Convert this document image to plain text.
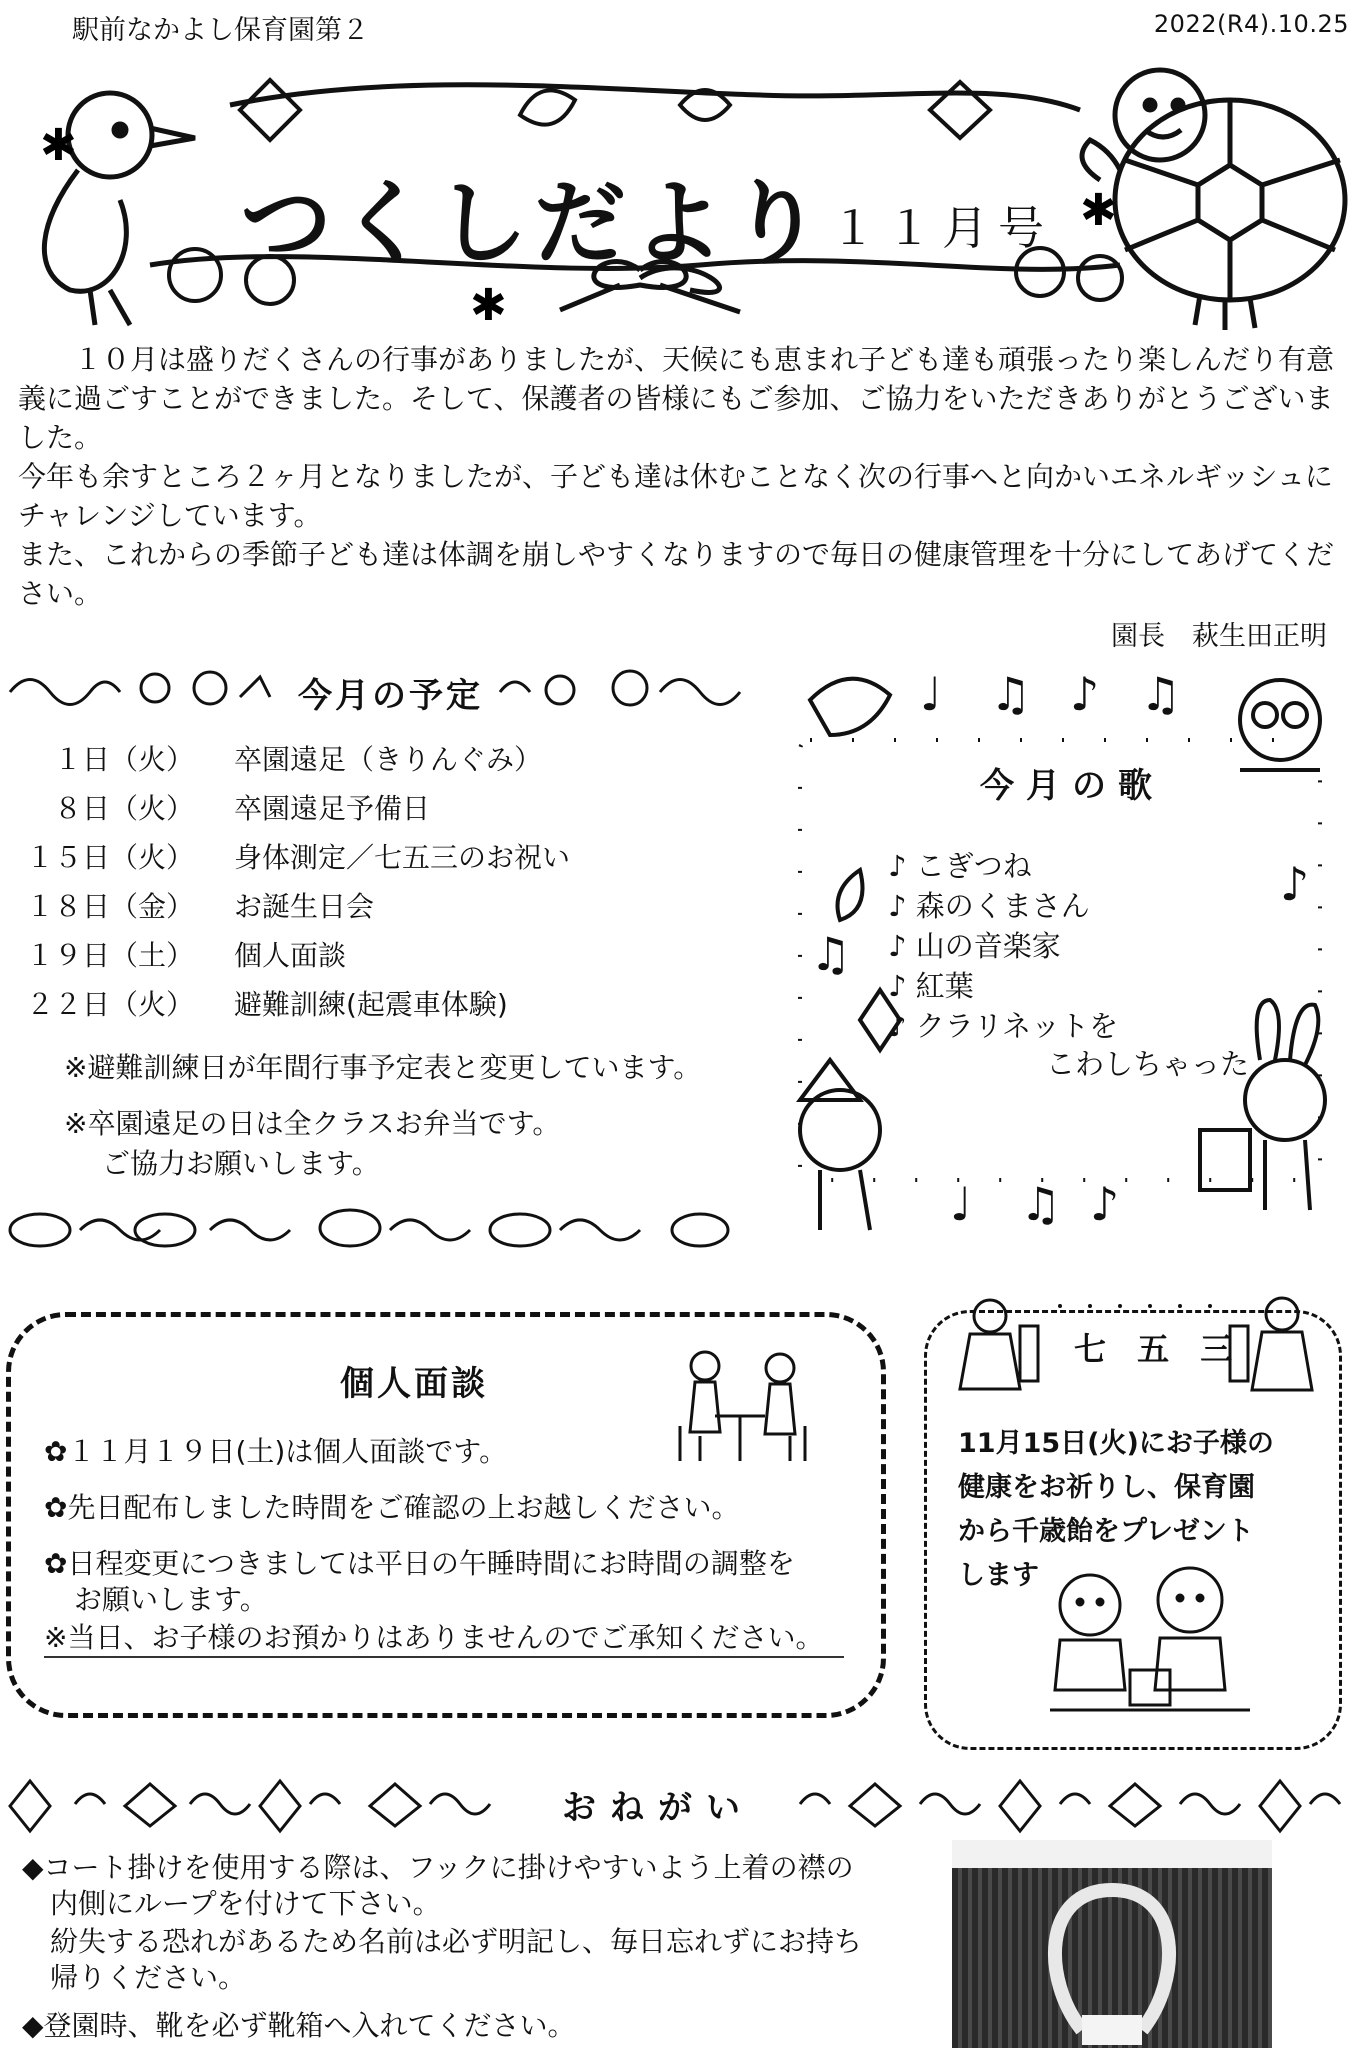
駅前なかよし保育園第２	2022(R4).10.25
✱
✱
✱
つくしだより １１月号

１０月は盛りだくさんの行事がありましたが、天候にも恵まれ子ども達も頑張ったり楽しんだり有意義に過ごすことができました。そして、保護者の皆様にもご参加、ご協力をいただきありがとうございました。

今年も余すところ２ヶ月となりましたが、子ども達は休むことなく次の行事へと向かいエネルギッシュにチャレンジしています。

また、これからの季節子ども達は体調を崩しやすくなりますので毎日の健康管理を十分にしてあげてください。

園長　萩生田正明
今月の予定
１日（火） 卒園遠足（きりんぐみ）
８日（火） 卒園遠足予備日
１５日（火） 身体測定／七五三のお祝い
１８日（金） お誕生日会
１９日（土） 個人面談
２２日（火） 避難訓練(起震車体験)
※避難訓練日が年間行事予定表と変更しています。
※卒園遠足の日は全クラスお弁当です。
ご協力お願いします。
♩ ♫ ♪ ♫
♫
♪
♩ ♫ ♪
今月の歌
♪ こぎつね
♪ 森のくまさん
♪ 山の音楽家
♪ 紅葉
♪ クラリネットを
こわしちゃった
個人面談
✿１１月１９日(土)は個人面談です。
✿先日配布しました時間をご確認の上お越しください。
✿日程変更につきましては平日の午睡時間にお時間の調整を
お願いします。
※当日、お子様のお預かりはありませんのでご承知ください。
七 五 三
11月15日(火)にお子様の
健康をお祈りし、保育園
から千歳飴をプレゼント
します
おねがい
◆コート掛けを使用する際は、フックに掛けやすいよう上着の襟の
内側にループを付けて下さい。
紛失する恐れがあるため名前は必ず明記し、毎日忘れずにお持ち
帰りください。
◆登園時、靴を必ず靴箱へ入れてください。
